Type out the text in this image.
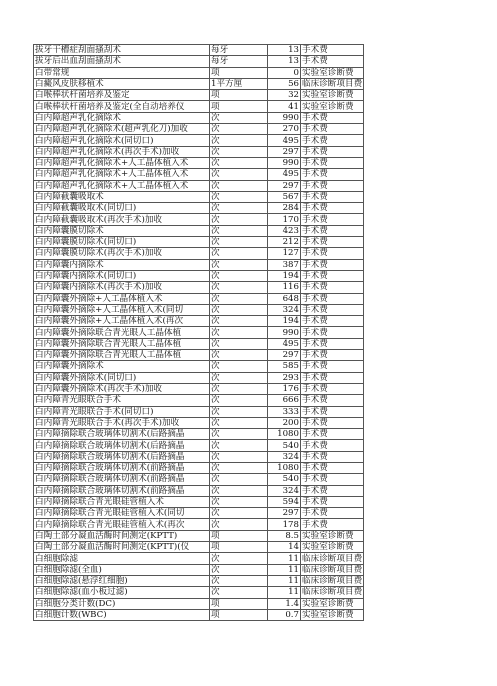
拔牙干槽症刮面搔刮术	每牙	13	手术费
拔牙后出血刮面搔刮术	每牙	13	手术费
白带常规	项	0	实验室诊断费
白癜风皮肤移植术	1平方厘	56	临床诊断项目费
白喉棒状杆菌培养及鉴定	项	32	实验室诊断费
白喉棒状杆菌培养及鉴定(全自动培养仪	项	41	实验室诊断费
白内障超声乳化摘除术	次	990	手术费
白内障超声乳化摘除术(超声乳化刀)加收	次	270	手术费
白内障超声乳化摘除术(同切口)	次	495	手术费
白内障超声乳化摘除术(再次手术)加收	次	297	手术费
白内障超声乳化摘除术+人工晶体植入术	次	990	手术费
白内障超声乳化摘除术+人工晶体植入术	次	495	手术费
白内障超声乳化摘除术+人工晶体植入术	次	297	手术费
白内障截囊吸取术	次	567	手术费
白内障截囊吸取术(同切口)	次	284	手术费
白内障截囊吸取术(再次手术)加收	次	170	手术费
白内障囊膜切除术	次	423	手术费
白内障囊膜切除术(同切口)	次	212	手术费
白内障囊膜切除术(再次手术)加收	次	127	手术费
白内障囊内摘除术	次	387	手术费
白内障囊内摘除术(同切口)	次	194	手术费
白内障囊内摘除术(再次手术)加收	次	116	手术费
白内障囊外摘除+人工晶体植入术	次	648	手术费
白内障囊外摘除+人工晶体植入术(同切	次	324	手术费
白内障囊外摘除+人工晶体植入术(再次	次	194	手术费
白内障囊外摘除联合青光眼人工晶体植	次	990	手术费
白内障囊外摘除联合青光眼人工晶体植	次	495	手术费
白内障囊外摘除联合青光眼人工晶体植	次	297	手术费
白内障囊外摘除术	次	585	手术费
白内障囊外摘除术(同切口)	次	293	手术费
白内障囊外摘除术(再次手术)加收	次	176	手术费
白内障青光眼联合手术	次	666	手术费
白内障青光眼联合手术(同切口)	次	333	手术费
白内障青光眼联合手术(再次手术)加收	次	200	手术费
白内障摘除联合玻璃体切割术(后路摘晶	次	1080	手术费
白内障摘除联合玻璃体切割术(后路摘晶	次	540	手术费
白内障摘除联合玻璃体切割术(后路摘晶	次	324	手术费
白内障摘除联合玻璃体切割术(前路摘晶	次	1080	手术费
白内障摘除联合玻璃体切割术(前路摘晶	次	540	手术费
白内障摘除联合玻璃体切割术(前路摘晶	次	324	手术费
白内障摘除联合青光眼硅管植入术	次	594	手术费
白内障摘除联合青光眼硅管植入术(同切	次	297	手术费
白内障摘除联合青光眼硅管植入术(再次	次	178	手术费
白陶土部分凝血活酶时间测定(KPTT)	项	8.5	实验室诊断费
白陶土部分凝血活酶时间测定(KPTT)(仪	项	14	实验室诊断费
白细胞除滤	次	11	临床诊断项目费
白细胞除滤(全血)	次	11	临床诊断项目费
白细胞除滤(悬浮红细胞)	次	11	临床诊断项目费
白细胞除滤(血小板过滤)	次	11	临床诊断项目费
白细胞分类计数(DC)	项	1.4	实验室诊断费
白细胞计数(WBC)	项	0.7	实验室诊断费
